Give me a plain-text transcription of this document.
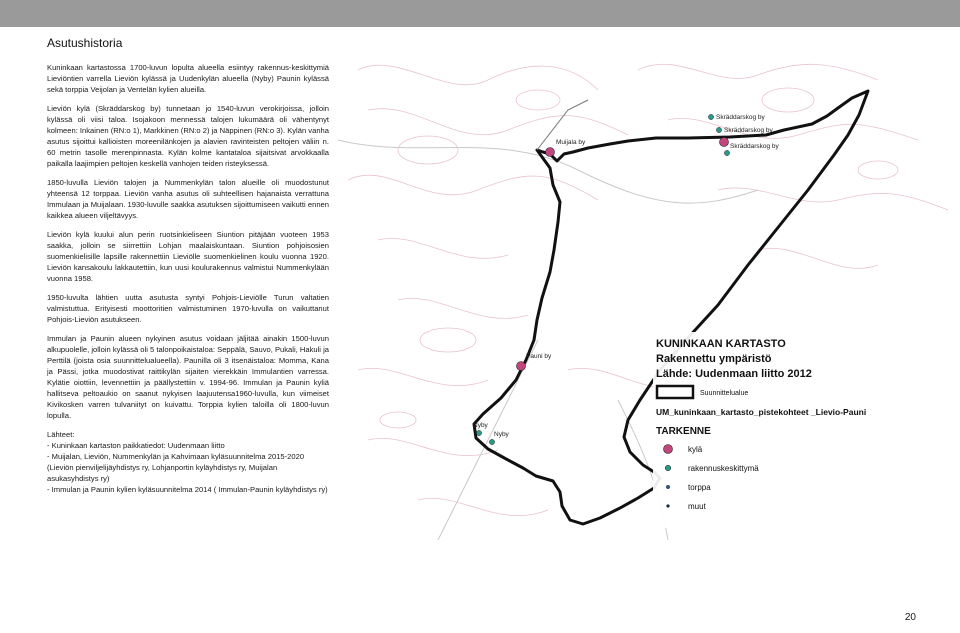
Asutushistoria

Kuninkaan kartastossa 1700-luvun lopulta alueella esiintyy rakennus-keskittymiä Lieviöntien varrella Lieviön kylässä ja Uudenkylän alueella (Nyby) Paunin kylässä sekä torppia Veijolan ja Ventelän kylien alueilla.

Lieviön kylä (Skräddarskog by) tunnetaan jo 1540-luvun verokirjoissa, jolloin kylässä oli viisi taloa. Isojakoon mennessä talojen lukumäärä oli vähentynyt kolmeen: Inkainen (RN:o 1), Markkinen (RN:o 2) ja Näppinen (RN:o 3). Kylän vanha asutus sijoittui kallioisten moreenilänkojen ja alavien ravinteisten peltojen väliin n. 60 metrin tasolle merenpinnasta. Kylän kolme kantataloa sijaitsivat arvokkaalla paikalla laajimpien peltojen keskellä vanhojen teiden risteyksessä.

1850-luvulla Lieviön talojen ja Nummenkylän talon alueille oli muodostunut yhteensä 12 torppaa. Lieviön vanha asutus oli suhteellisen hajanaista verrattuna Immulaan ja Muijalaan. 1930-luvulle saakka asutuksen sijoittumiseen vaikutti ennen kaikkea alueen viljeltävyys.

Lieviön kylä kuului alun perin ruotsinkieliseen Siuntion pitäjään vuoteen 1953 saakka, jolloin se siirrettiin Lohjan maalaiskuntaan. Siuntion pohjoisosien suomenkielisille lapsille rakennettiin Lieviölle suomenkielinen koulu vuonna 1920. Lieviön kansakoulu lakkautettiin, kun uusi koulurakennus valmistui Nummenkylään vuonna 1958.

1950-luvulta lähtien uutta asutusta syntyi Pohjois-Lieviölle Turun valtatien valmistuttua. Erityisesti moottoritien valmistuminen 1970-luvulla on vaikuttanut Pohjois-Lieviön asutukseen.

Immulan ja Paunin alueen nykyinen asutus voidaan jäljitää ainakin 1500-luvun alkupuolelle, jolloin kylässä oli 5 talonpoikaistaloa: Seppälä, Sauvo, Pukali, Hakuli ja Perttilä (joista osia suunnittelualueella). Paunilla oli 3 itsenäistaloa: Momma, Kana ja Pässi, jotka muodostivat raittikylän sijaiten vierekkäin Immulantien varressa. Kylätie oiottiin, levennettiin ja päällystettiin v. 1994-96. Immulan ja Paunin kyliä hallitseva peltoaukio on saanut nykyisen laajuutensa1960-luvulla, kun viimeiset Kivikosken varren tulvaniityt on kuivattu. Torppia kylien taloilla oli 1800-luvun lopulla.

Lähteet:

- Kuninkaan kartaston paikkatiedot: Uudenmaan liitto

- Muijalan, Lieviön, Nummenkylän ja Kahvimaan kyläsuunnitelma 2015-2020 (Lieviön pienviljelijäyhdistys ry, Lohjanportin kyläyhdistys ry, Muijalan asukasyhdistys ry)

- Immulan ja Paunin kylien kyläsuunnitelma 2014 ( Immulan-Paunin kyläyhdistys ry)

Muijala by
Skräddarskog by
Skräddarskog by
Skräddarskog by
Pauni by
Nyby
Nyby
KUNINKAAN KARTASTO
Rakennettu ympäristö
Lähde: Uudenmaan liitto 2012
Suunnittelualue
UM_kuninkaan_kartasto_pistekohteet _Lievio-Pauni
TARKENNE
kylä
rakennuskeskittymä
torppa
muut
20
